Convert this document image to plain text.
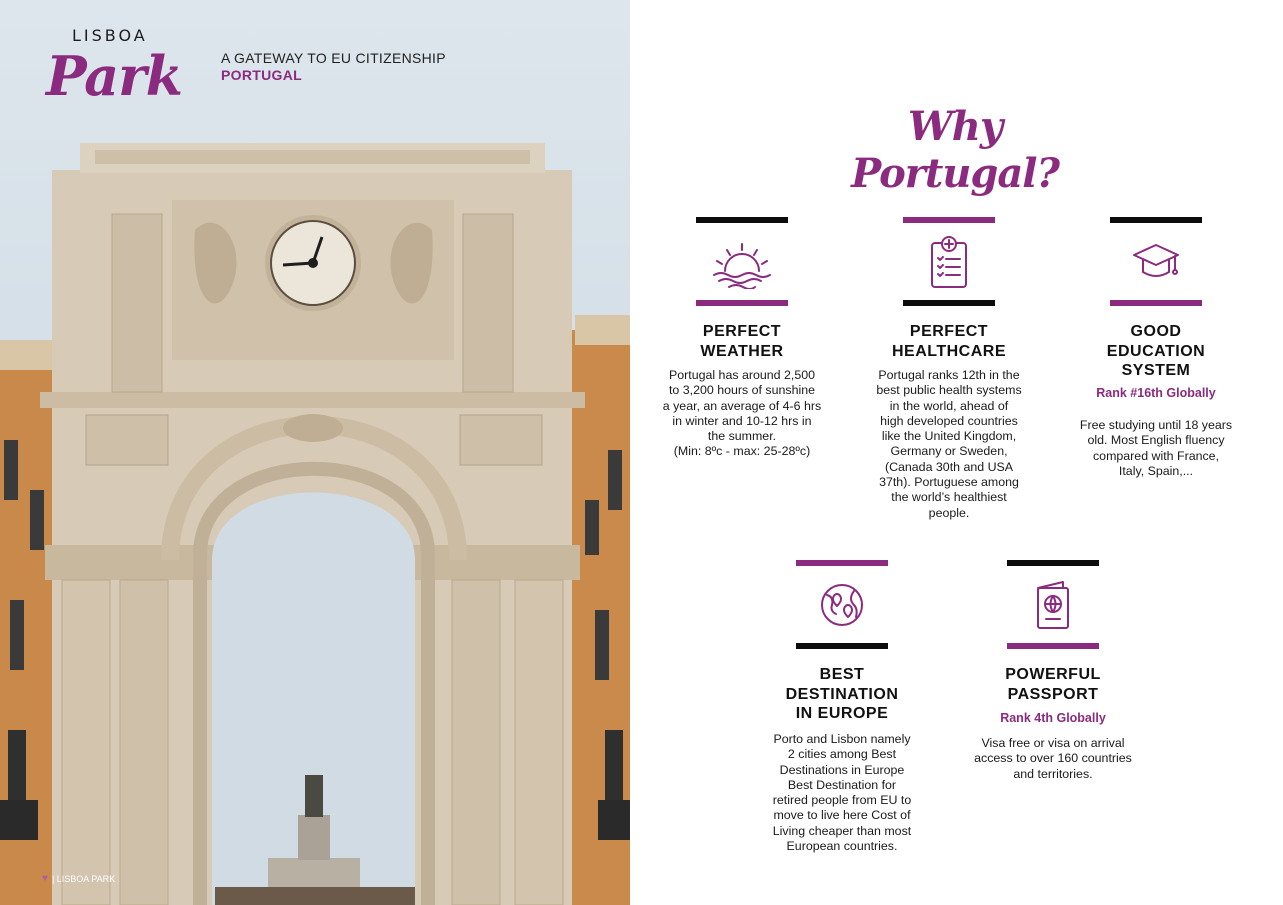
LISBOA
Park	A GATEWAY TO EU CITIZENSHIP
PORTUGAL
♥ | LISBOA PARK
Why Portugal?
PERFECT
WEATHER
Portugal has around 2,500
to 3,200 hours of sunshine
a year, an average of 4-6 hrs
in winter and 10-12 hrs in
the summer.
(Min: 8ºc - max: 25-28ºc)
PERFECT
HEALTHCARE
Portugal ranks 12th in the
best public health systems
in the world, ahead of
high developed countries
like the United Kingdom,
Germany or Sweden,
(Canada 30th and USA
37th). Portuguese among
the world’s healthiest
people.
GOOD
EDUCATION
SYSTEM
Rank #16th Globally
Free studying until 18 years
old. Most English fluency
compared with France,
Italy, Spain,...
BEST
DESTINATION
IN EUROPE
Porto and Lisbon namely
2 cities among Best
Destinations in Europe
Best Destination for
retired people from EU to
move to live here Cost of
Living cheaper than most
European countries.
POWERFUL
PASSPORT
Rank 4th Globally
Visa free or visa on arrival
access to over 160 countries
and territories.
